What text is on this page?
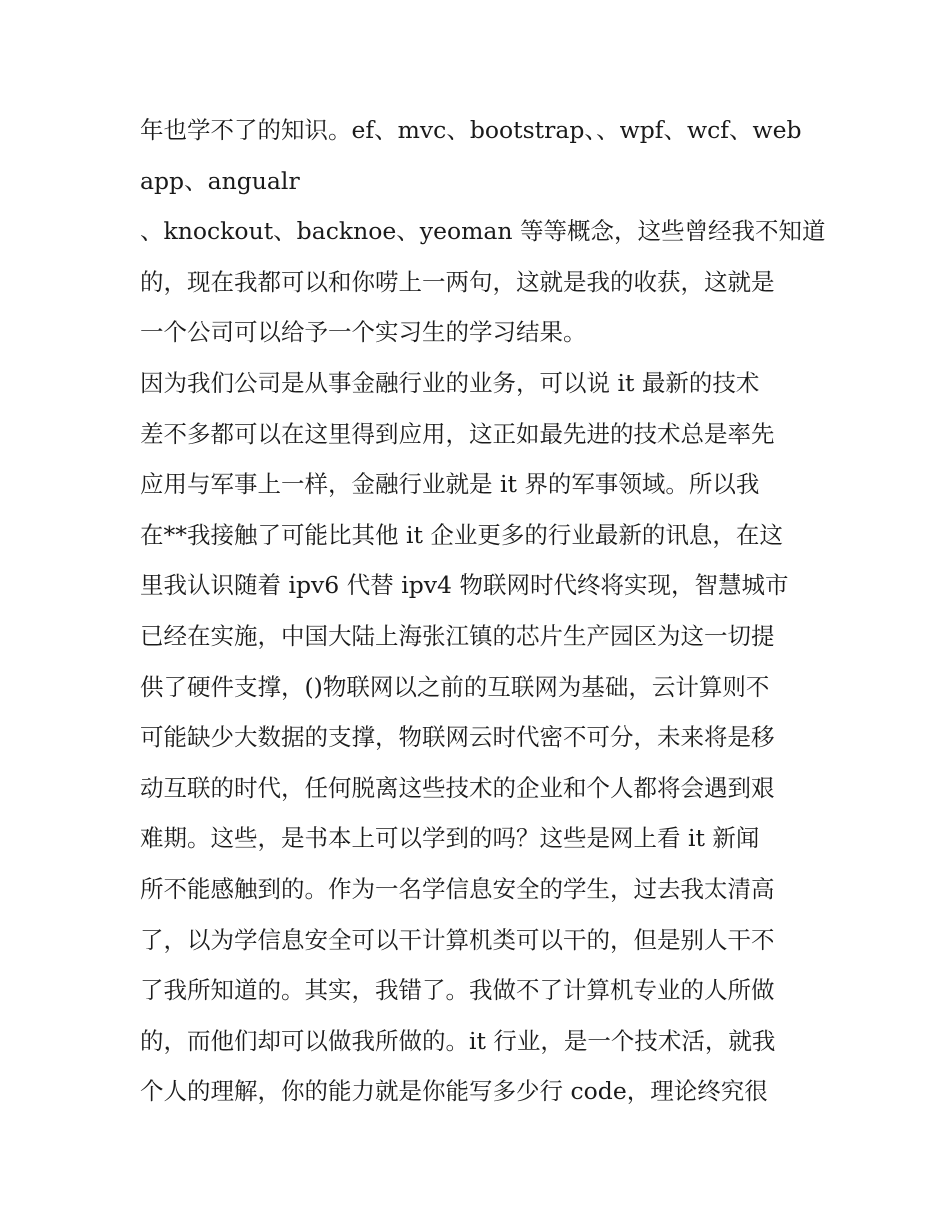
年也学不了的知识。ef、mvc、bootstrap、、wpf、wcf、web
app、angualr
、knockout、backnoe、yeoman 等等概念，这些曾经我不知道
的，现在我都可以和你唠上一两句，这就是我的收获，这就是
一个公司可以给予一个实习生的学习结果。
因为我们公司是从事金融行业的业务，可以说 it 最新的技术
差不多都可以在这里得到应用，这正如最先进的技术总是率先
应用与军事上一样，金融行业就是 it 界的军事领域。所以我
在**我接触了可能比其他 it 企业更多的行业最新的讯息，在这
里我认识随着 ipv6 代替 ipv4 物联网时代终将实现，智慧城市
已经在实施，中国大陆上海张江镇的芯片生产园区为这一切提
供了硬件支撑，()物联网以之前的互联网为基础，云计算则不
可能缺少大数据的支撑，物联网云时代密不可分，未来将是移
动互联的时代，任何脱离这些技术的企业和个人都将会遇到艰
难期。这些，是书本上可以学到的吗？这些是网上看 it 新闻
所不能感触到的。作为一名学信息安全的学生，过去我太清高
了，以为学信息安全可以干计算机类可以干的，但是别人干不
了我所知道的。其实，我错了。我做不了计算机专业的人所做
的，而他们却可以做我所做的。it 行业，是一个技术活，就我
个人的理解，你的能力就是你能写多少行 code，理论终究很
